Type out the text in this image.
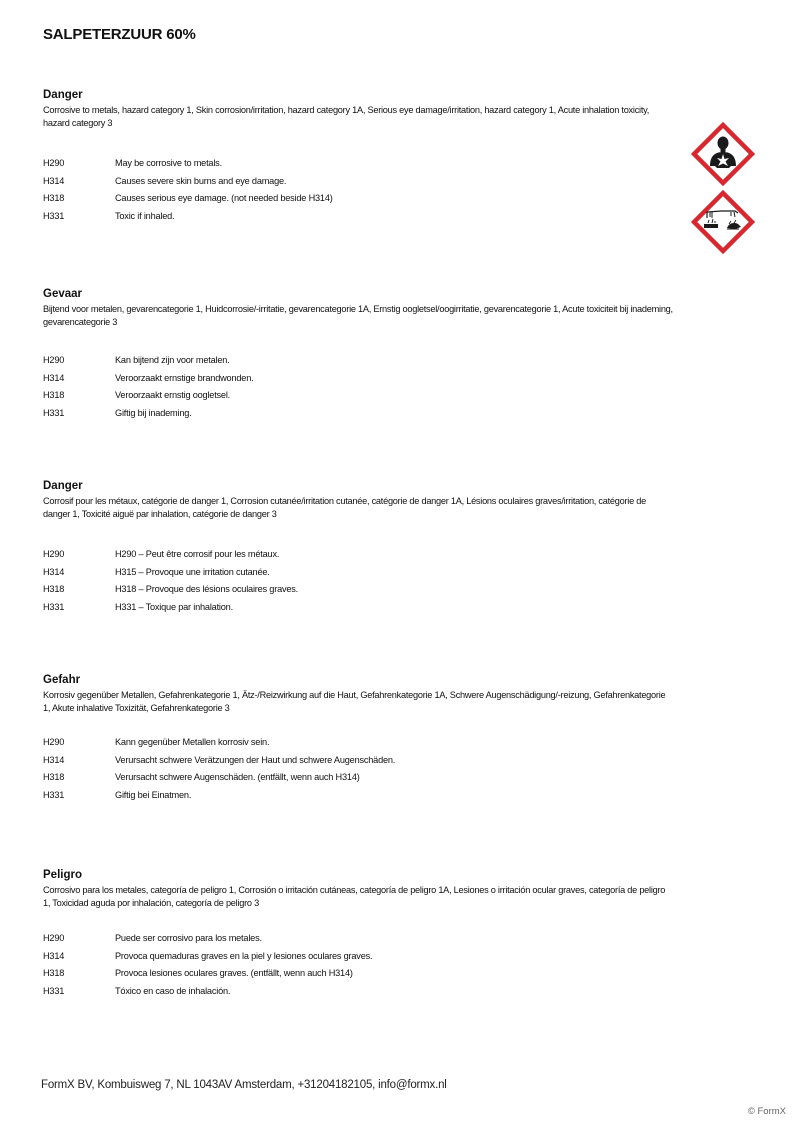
SALPETERZUUR 60%
Danger

Corrosive to metals, hazard category 1, Skin corrosion/irritation, hazard category 1A, Serious eye damage/irritation, hazard category 1, Acute inhalation toxicity, hazard category 3

H290	May be corrosive to metals.
H314	Causes severe skin burns and eye damage.
H318	Causes serious eye damage. (not needed beside H314)
H331	Toxic if inhaled.
Gevaar

Bijtend voor metalen, gevarencategorie 1, Huidcorrosie/-irritatie, gevarencategorie 1A, Ernstig oogletsel/oogirritatie, gevarencategorie 1, Acute toxiciteit bij inademing, gevarencategorie 3

H290	Kan bijtend zijn voor metalen.
H314	Veroorzaakt ernstige brandwonden.
H318	Veroorzaakt ernstig oogletsel.
H331	Giftig bij inademing.
Danger

Corrosif pour les métaux, catégorie de danger 1, Corrosion cutanée/irritation cutanée, catégorie de danger 1A, Lésions oculaires graves/irritation, catégorie de danger 1, Toxicité aiguë par inhalation, catégorie de danger 3

H290	H290 – Peut être corrosif pour les métaux.
H314	H315 – Provoque une irritation cutanée.
H318	H318 – Provoque des lésions oculaires graves.
H331	H331 – Toxique par inhalation.
Gefahr

Korrosiv gegenüber Metallen, Gefahrenkategorie 1, Ätz-/Reizwirkung auf die Haut, Gefahrenkategorie 1A, Schwere Augenschädigung/-reizung, Gefahrenkategorie 1, Akute inhalative Toxizität, Gefahrenkategorie 3

H290	Kann gegenüber Metallen korrosiv sein.
H314	Verursacht schwere Verätzungen der Haut und schwere Augenschäden.
H318	Verursacht schwere Augenschäden. (entfällt, wenn auch H314)
H331	Giftig bei Einatmen.
Peligro

Corrosivo para los metales, categoría de peligro 1, Corrosión o irritación cutáneas, categoría de peligro 1A, Lesiones o irritación ocular graves, categoría de peligro 1, Toxicidad aguda por inhalación, categoría de peligro 3

H290	Puede ser corrosivo para los metales.
H314	Provoca quemaduras graves en la piel y lesiones oculares graves.
H318	Provoca lesiones oculares graves. (entfällt, wenn auch H314)
H331	Tóxico en caso de inhalación.
FormX BV, Kombuisweg 7, NL 1043AV Amsterdam, +31204182105, info@formx.nl
© FormX
